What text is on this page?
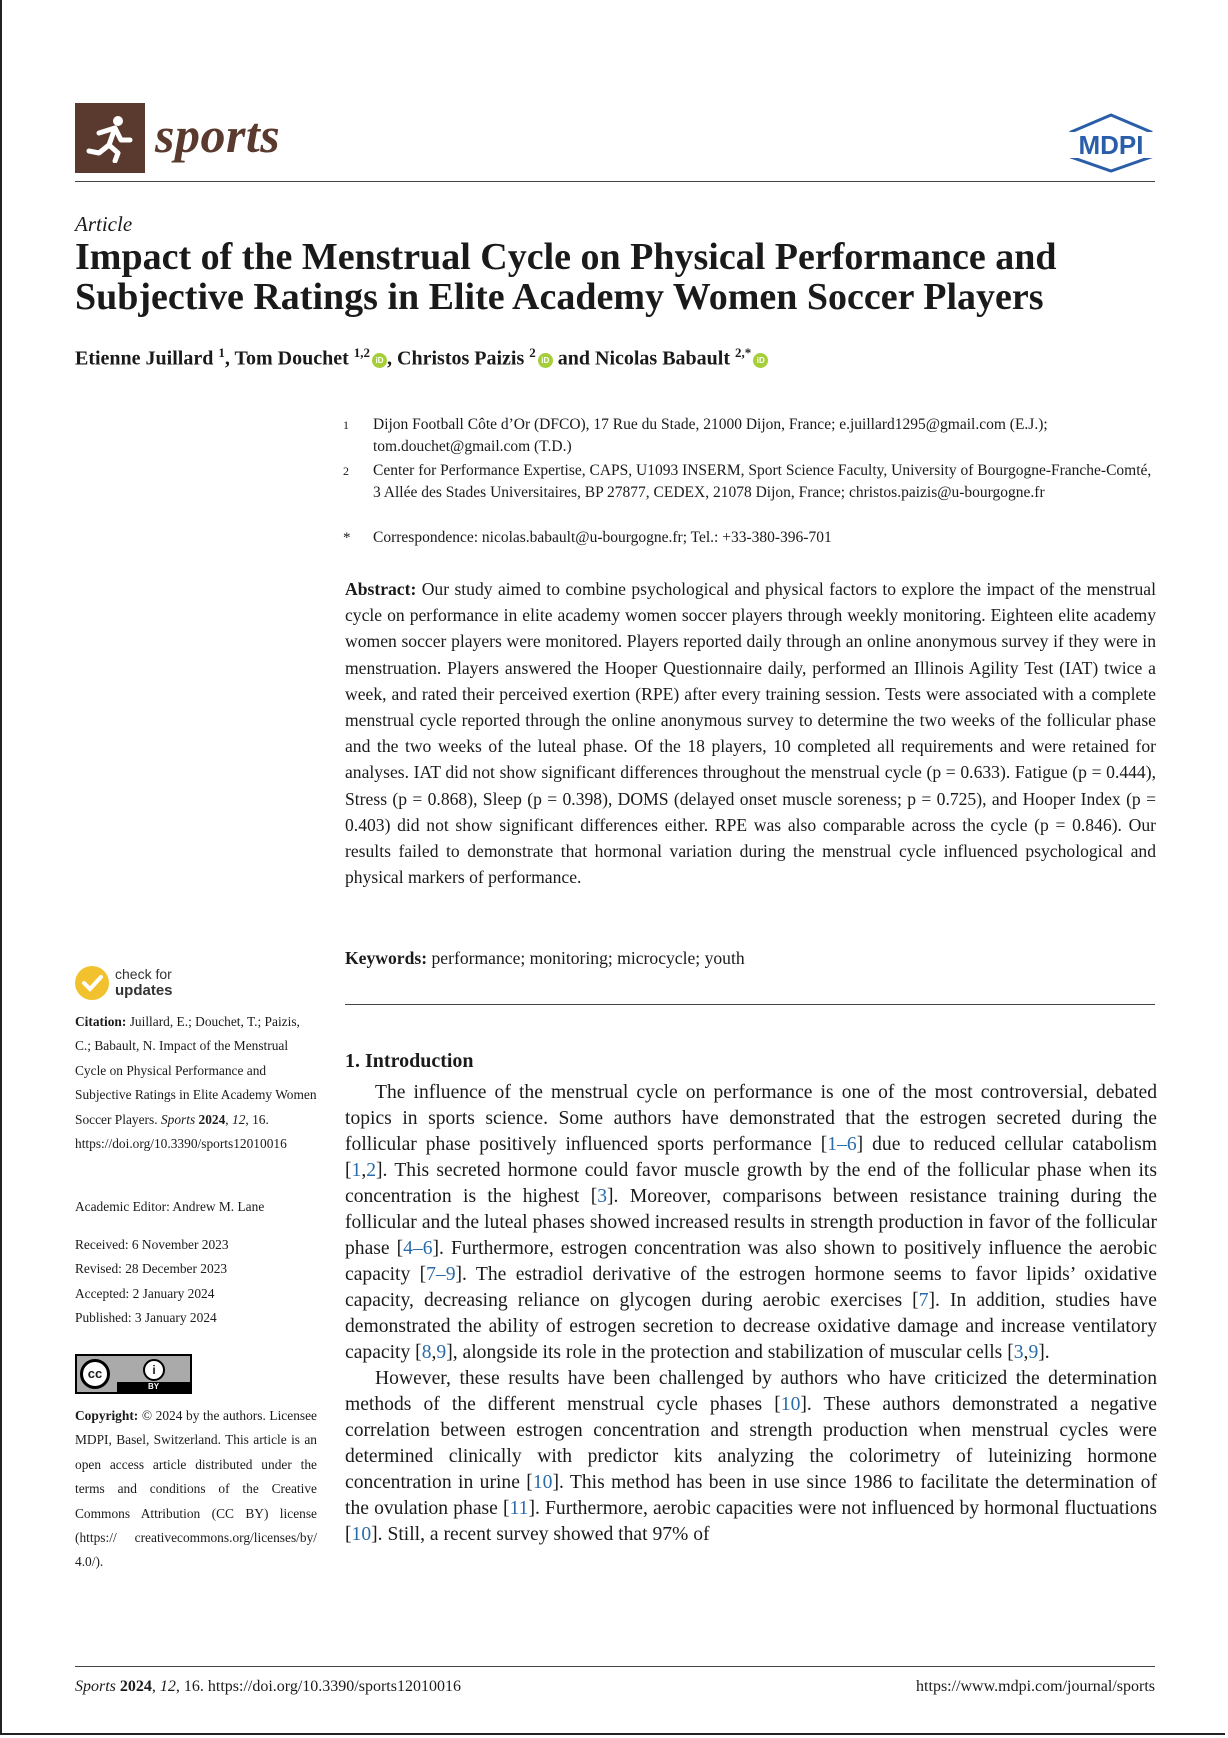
sports	MDPI
Article
Impact of the Menstrual Cycle on Physical Performance and
Subjective Ratings in Elite Academy Women Soccer Players
Etienne Juillard $^1$, Tom Douchet $^{1,2}$iD , Christos Paizis $^2$iD and Nicolas Babault $^{2,*}$iD
1 Dijon Football Côte d’Or (DFCO), 17 Rue du Stade, 21000 Dijon, France; e.juillard1295@gmail.com (E.J.); tom.douchet@gmail.com (T.D.)
2 Center for Performance Expertise, CAPS, U1093 INSERM, Sport Science Faculty, University of Bourgogne-Franche-Comté, 3 Allée des Stades Universitaires, BP 27877, CEDEX, 21078 Dijon, France; christos.paizis@u-bourgogne.fr
* Correspondence: nicolas.babault@u-bourgogne.fr; Tel.: +33-380-396-701
Abstract: Our study aimed to combine psychological and physical factors to explore the impact of the menstrual cycle on performance in elite academy women soccer players through weekly monitoring. Eighteen elite academy women soccer players were monitored. Players reported daily through an online anonymous survey if they were in menstruation. Players answered the Hooper Questionnaire daily, performed an Illinois Agility Test (IAT) twice a week, and rated their perceived exertion (RPE) after every training session. Tests were associated with a complete menstrual cycle reported through the online anonymous survey to determine the two weeks of the follicular phase and the two weeks of the luteal phase. Of the 18 players, 10 completed all requirements and were retained for analyses. IAT did not show significant differences throughout the menstrual cycle (p = 0.633). Fatigue (p = 0.444), Stress (p = 0.868), Sleep (p = 0.398), DOMS (delayed onset muscle soreness; p = 0.725), and Hooper Index (p = 0.403) did not show significant differences either. RPE was also comparable across the cycle (p = 0.846). Our results failed to demonstrate that hormonal variation during the menstrual cycle influenced psychological and physical markers of performance.
Keywords: performance; monitoring; microcycle; youth
check for
updates
Citation: Juillard, E.; Douchet, T.; Paizis, C.; Babault, N. Impact of the Menstrual Cycle on Physical Performance and Subjective Ratings in Elite Academy Women Soccer Players. Sports 2024, 12, 16. https://doi.org/10.3390/sports12010016
Academic Editor: Andrew M. Lane
Received: 6 November 2023
Revised: 28 December 2023
Accepted: 2 January 2024
Published: 3 January 2024
cc	i
BY
Copyright: © 2024 by the authors. Licensee MDPI, Basel, Switzerland. This article is an open access article distributed under the terms and conditions of the Creative Commons Attribution (CC BY) license (https:// creativecommons.org/licenses/by/ 4.0/).
1. Introduction

The influence of the menstrual cycle on performance is one of the most controversial, debated topics in sports science. Some authors have demonstrated that the estrogen secreted during the follicular phase positively influenced sports performance [1–6] due to reduced cellular catabolism [1,2]. This secreted hormone could favor muscle growth by the end of the follicular phase when its concentration is the highest [3]. Moreover, comparisons between resistance training during the follicular and the luteal phases showed increased results in strength production in favor of the follicular phase [4–6]. Furthermore, estrogen concentration was also shown to positively influence the aerobic capacity [7–9]. The estradiol derivative of the estrogen hormone seems to favor lipids’ oxidative capacity, decreasing reliance on glycogen during aerobic exercises [7]. In addition, studies have demonstrated the ability of estrogen secretion to decrease oxidative damage and increase ventilatory capacity [8,9], alongside its role in the protection and stabilization of muscular cells [3,9].

However, these results have been challenged by authors who have criticized the determination methods of the different menstrual cycle phases [10]. These authors demonstrated a negative correlation between estrogen concentration and strength production when menstrual cycles were determined clinically with predictor kits analyzing the colorimetry of luteinizing hormone concentration in urine [10]. This method has been in use since 1986 to facilitate the determination of the ovulation phase [11]. Furthermore, aerobic capacities were not influenced by hormonal fluctuations [10]. Still, a recent survey showed that 97% of

Sports 2024, 12, 16. https://doi.org/10.3390/sports12010016	https://www.mdpi.com/journal/sports
